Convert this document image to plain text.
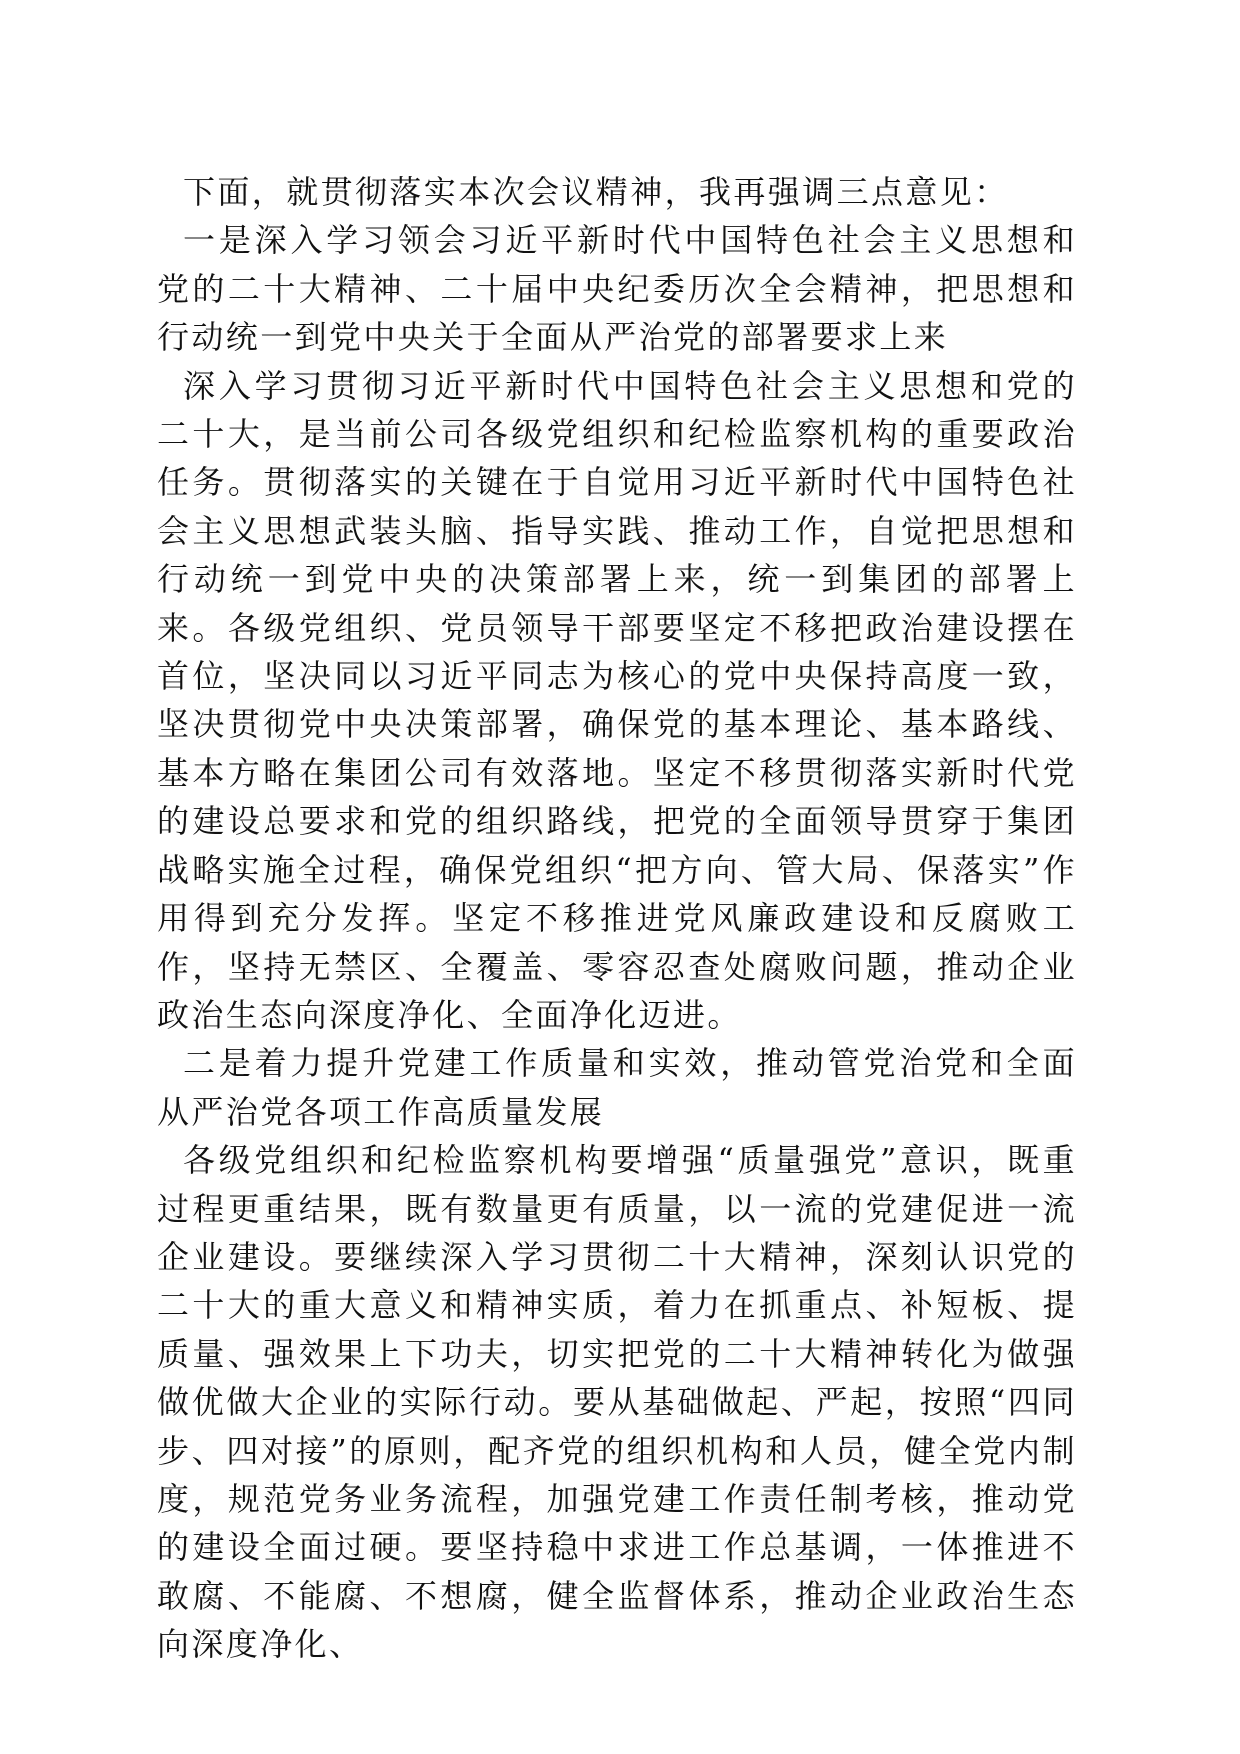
下面，就贯彻落实本次会议精神，我再强调三点意见：

一是深入学习领会习近平新时代中国特色社会主义思想和党的二十大精神、二十届中央纪委历次全会精神，把思想和行动统一到党中央关于全面从严治党的部署要求上来

深入学习贯彻习近平新时代中国特色社会主义思想和党的二十大，是当前公司各级党组织和纪检监察机构的重要政治任务。贯彻落实的关键在于自觉用习近平新时代中国特色社会主义思想武装头脑、指导实践、推动工作，自觉把思想和行动统一到党中央的决策部署上来，统一到集团的部署上来。各级党组织、党员领导干部要坚定不移把政治建设摆在首位，坚决同以习近平同志为核心的党中央保持高度一致，坚决贯彻党中央决策部署，确保党的基本理论、基本路线、基本方略在集团公司有效落地。坚定不移贯彻落实新时代党的建设总要求和党的组织路线，把党的全面领导贯穿于集团战略实施全过程，确保党组织“把方向、管大局、保落实”作用得到充分发挥。坚定不移推进党风廉政建设和反腐败工作，坚持无禁区、全覆盖、零容忍查处腐败问题，推动企业政治生态向深度净化、全面净化迈进。

二是着力提升党建工作质量和实效，推动管党治党和全面从严治党各项工作高质量发展

各级党组织和纪检监察机构要增强“质量强党”意识，既重过程更重结果，既有数量更有质量，以一流的党建促进一流企业建设。要继续深入学习贯彻二十大精神，深刻认识党的二十大的重大意义和精神实质，着力在抓重点、补短板、提质量、强效果上下功夫，切实把党的二十大精神转化为做强做优做大企业的实际行动。要从基础做起、严起，按照“四同步、四对接”的原则，配齐党的组织机构和人员，健全党内制度，规范党务业务流程，加强党建工作责任制考核，推动党的建设全面过硬。要坚持稳中求进工作总基调，一体推进不敢腐、不能腐、不想腐，健全监督体系，推动企业政治生态向深度净化、
